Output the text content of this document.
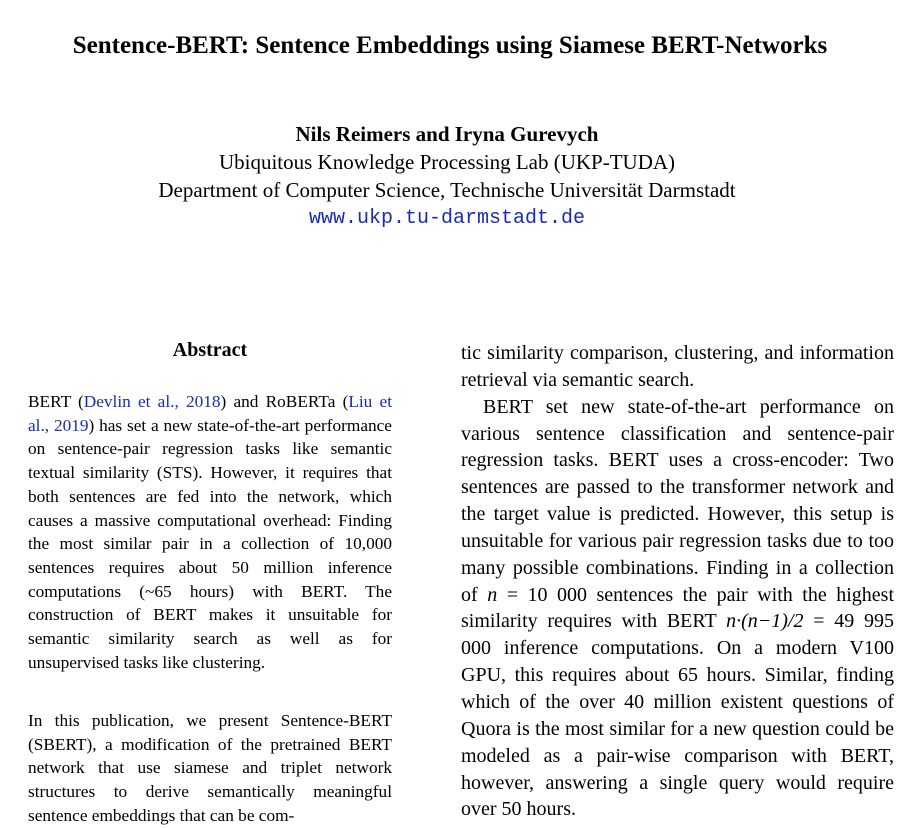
Sentence-BERT: Sentence Embeddings using Siamese BERT-Networks
Nils Reimers and Iryna Gurevych
Ubiquitous Knowledge Processing Lab (UKP-TUDA)
Department of Computer Science, Technische Universität Darmstadt
www.ukp.tu-darmstadt.de
Abstract
BERT (Devlin et al., 2018) and RoBERTa (Liu et al., 2019) has set a new state-of-the-art performance on sentence-pair regression tasks like semantic textual similarity (STS). However, it requires that both sentences are fed into the network, which causes a massive computational overhead: Finding the most similar pair in a collection of 10,000 sentences requires about 50 million inference computations (~65 hours) with BERT. The construction of BERT makes it unsuitable for semantic similarity search as well as for unsupervised tasks like clustering.
In this publication, we present Sentence-BERT (SBERT), a modification of the pretrained BERT network that use siamese and triplet network structures to derive semantically meaningful sentence embeddings that can be com-

tic similarity comparison, clustering, and information retrieval via semantic search.

BERT set new state-of-the-art performance on various sentence classification and sentence-pair regression tasks. BERT uses a cross-encoder: Two sentences are passed to the transformer network and the target value is predicted. However, this setup is unsuitable for various pair regression tasks due to too many possible combinations. Finding in a collection of n = 10 000 sentences the pair with the highest similarity requires with BERT n·(n−1)/2 = 49 995 000 inference computations. On a modern V100 GPU, this requires about 65 hours. Similar, finding which of the over 40 million existent questions of Quora is the most similar for a new question could be modeled as a pair-wise comparison with BERT, however, answering a single query would require over 50 hours.
